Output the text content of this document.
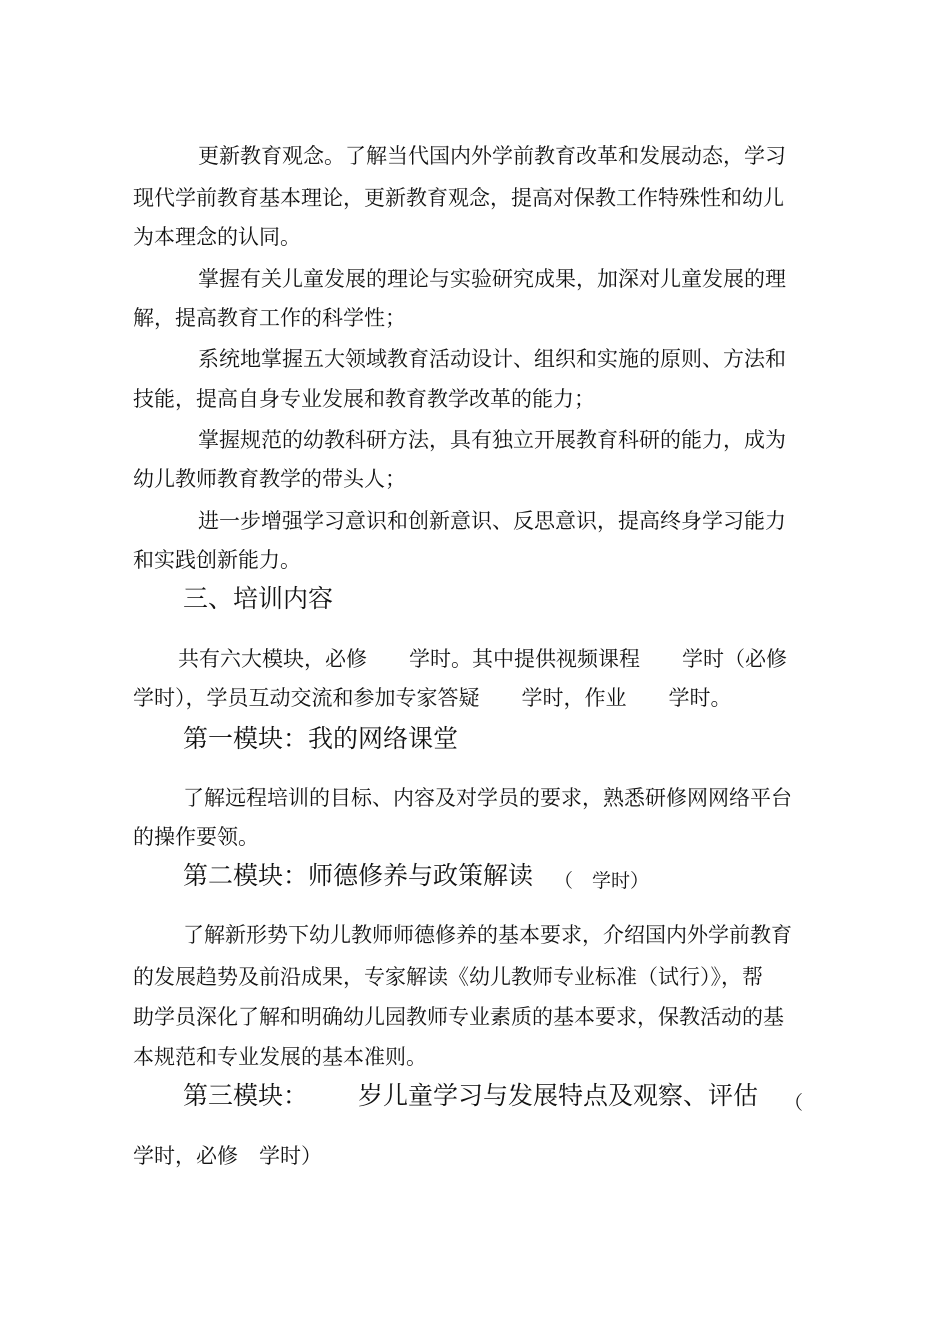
更新教育观念。了解当代国内外学前教育改革和发展动态，学习

现代学前教育基本理论，更新教育观念，提高对保教工作特殊性和幼儿

为本理念的认同。

掌握有关儿童发展的理论与实验研究成果，加深对儿童发展的理

解，提高教育工作的科学性；

系统地掌握五大领域教育活动设计、组织和实施的原则、方法和

技能，提高自身专业发展和教育教学改革的能力；

掌握规范的幼教科研方法，具有独立开展教育科研的能力，成为

幼儿教师教育教学的带头人；

进一步增强学习意识和创新意识、反思意识，提高终身学习能力

和实践创新能力。

三、培训内容

共有六大模块，必修　　学时。其中提供视频课程　　学时（必修

学时），学员互动交流和参加专家答疑　　学时，作业　　学时。

第一模块：我的网络课堂

了解远程培训的目标、内容及对学员的要求，熟悉研修网网络平台

的操作要领。

第二模块：师德修养与政策解读 （　学时）

了解新形势下幼儿教师师德修养的基本要求，介绍国内外学前教育

的发展趋势及前沿成果，专家解读《幼儿教师专业标准（试行）》，帮

助学员深化了解和明确幼儿园教师专业素质的基本要求，保教活动的基

本规范和专业发展的基本准则。

第三模块： 岁儿童学习与发展特点及观察、评估 （

学时，必修　学时）
